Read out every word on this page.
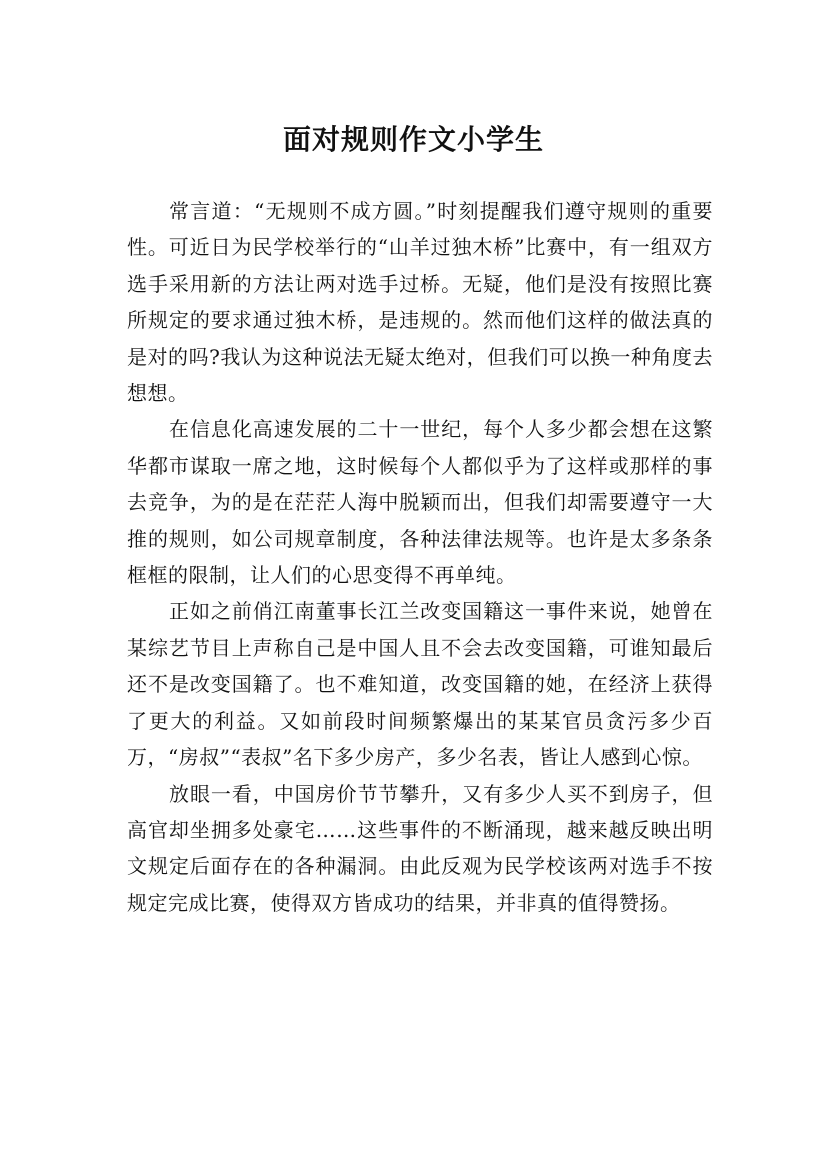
面对规则作文小学生

常言道：“无规则不成方圆。”时刻提醒我们遵守规则的重要性。可近日为民学校举行的“山羊过独木桥”比赛中，有一组双方选手采用新的方法让两对选手过桥。无疑，他们是没有按照比赛所规定的要求通过独木桥，是违规的。然而他们这样的做法真的是对的吗?我认为这种说法无疑太绝对，但我们可以换一种角度去想想。

在信息化高速发展的二十一世纪，每个人多少都会想在这繁华都市谋取一席之地，这时候每个人都似乎为了这样或那样的事去竞争，为的是在茫茫人海中脱颖而出，但我们却需要遵守一大推的规则，如公司规章制度，各种法律法规等。也许是太多条条框框的限制，让人们的心思变得不再单纯。

正如之前俏江南董事长江兰改变国籍这一事件来说，她曾在某综艺节目上声称自己是中国人且不会去改变国籍，可谁知最后还不是改变国籍了。也不难知道，改变国籍的她，在经济上获得了更大的利益。又如前段时间频繁爆出的某某官员贪污多少百万，“房叔”“表叔”名下多少房产，多少名表，皆让人感到心惊。

放眼一看，中国房价节节攀升，又有多少人买不到房子，但高官却坐拥多处豪宅……这些事件的不断涌现，越来越反映出明文规定后面存在的各种漏洞。由此反观为民学校该两对选手不按规定完成比赛，使得双方皆成功的结果，并非真的值得赞扬。
